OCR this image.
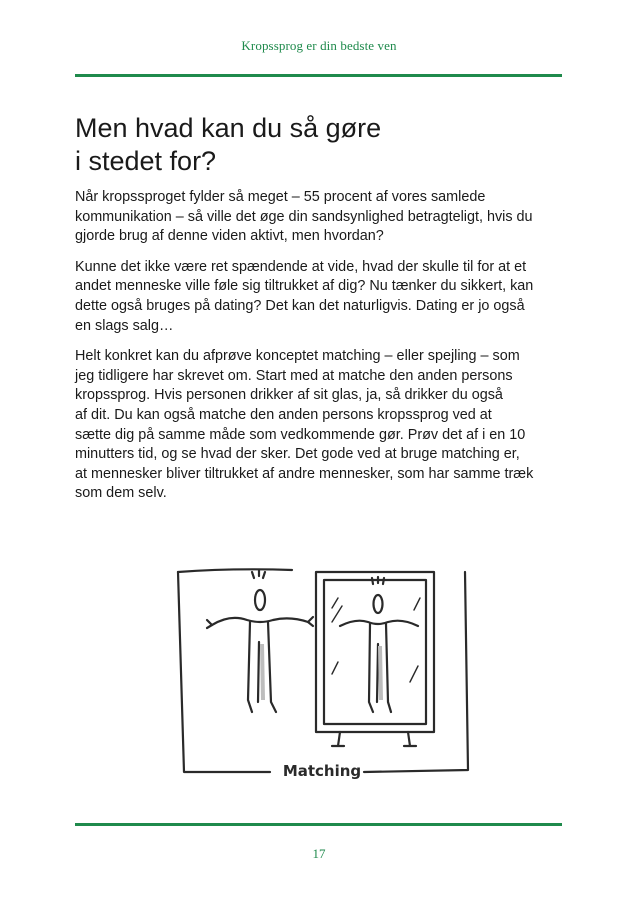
Kropssprog er din bedste ven
Men hvad kan du så gøre
i stedet for?

Når kropssproget fylder så meget – 55 procent af vores samlede
kommunikation – så ville det øge din sandsynlighed betragteligt, hvis du
gjorde brug af denne viden aktivt, men hvordan?

Kunne det ikke være ret spændende at vide, hvad der skulle til for at et
andet menneske ville føle sig tiltrukket af dig? Nu tænker du sikkert, kan
dette også bruges på dating? Det kan det naturligvis. Dating er jo også
en slags salg…

Helt konkret kan du afprøve konceptet matching – eller spejling – som
jeg tidligere har skrevet om. Start med at matche den anden persons
kropssprog. Hvis personen drikker af sit glas, ja, så drikker du også
af dit. Du kan også matche den anden persons kropssprog ved at
sætte dig på samme måde som vedkommende gør. Prøv det af i en 10
minutters tid, og se hvad der sker. Det gode ved at bruge matching er,
at mennesker bliver tiltrukket af andre mennesker, som har samme træk
som dem selv.

Matching
17
